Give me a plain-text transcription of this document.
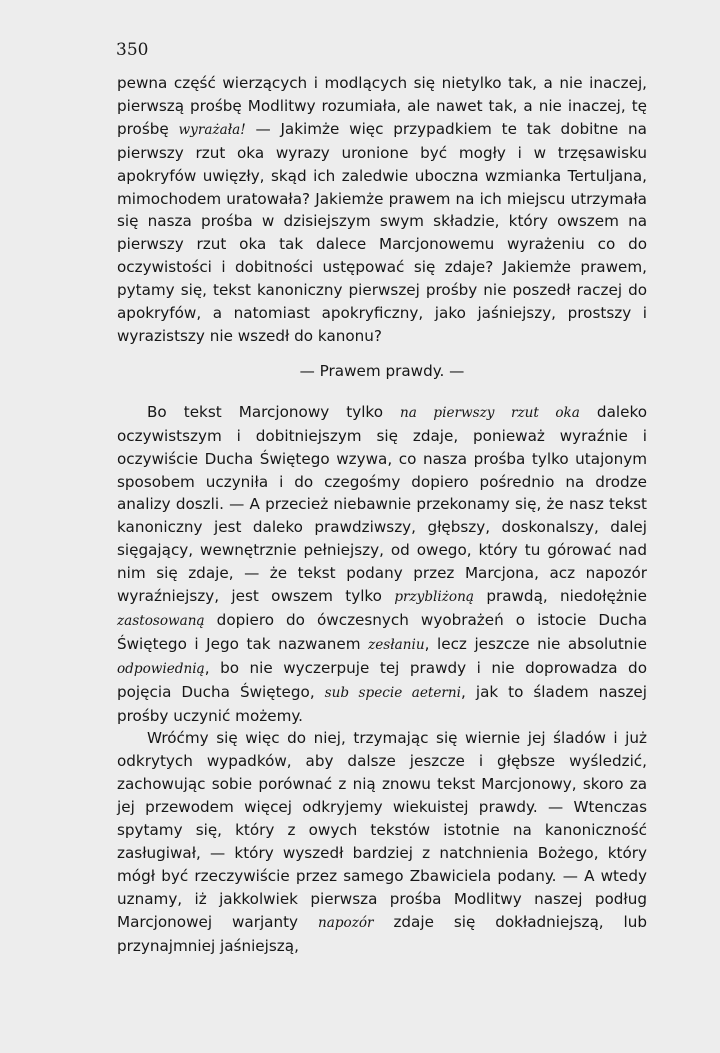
350

pewna część wierzących i modlących się nietylko tak, a nie inaczej, pierwszą prośbę Modlitwy rozumiała, ale nawet tak, a nie inaczej, tę prośbę wyrażała! — Jakimże więc przypadkiem te tak dobitne na pierwszy rzut oka wyrazy uronione być mogły i w trzęsawisku apokryfów uwięzły, skąd ich zaledwie uboczna wzmianka Tertuljana, mimochodem uratowała? Jakiemże prawem na ich miejscu utrzymała się nasza prośba w dzisiejszym swym składzie, który owszem na pierwszy rzut oka tak dalece Marcjonowemu wyrażeniu co do oczywistości i dobitności ustępować się zdaje? Jakiemże prawem, pytamy się, tekst kanoniczny pierwszej prośby nie poszedł raczej do apokryfów, a natomiast apokryficzny, jako jaśniejszy, prostszy i wyrazistszy nie wszedł do kanonu?

— Prawem prawdy. —

Bo tekst Marcjonowy tylko na pierwszy rzut oka daleko oczywistszym i dobitniejszym się zdaje, ponieważ wyraźnie i oczywiście Ducha Świętego wzywa, co nasza prośba tylko utajonym sposobem uczyniła i do czegośmy dopiero pośrednio na drodze analizy doszli. — A przecież niebawnie przekonamy się, że nasz tekst kanoniczny jest daleko prawdziwszy, głębszy, doskonalszy, dalej sięgający, wewnętrznie pełniejszy, od owego, który tu górować nad nim się zdaje, — że tekst podany przez Marcjona, acz napozór wyraźniejszy, jest owszem tylko przybliżoną prawdą, niedołężnie zastosowaną dopiero do ówczesnych wyobrażeń o istocie Ducha Świętego i Jego tak nazwanem zesłaniu, lecz jeszcze nie absolutnie odpowiednią, bo nie wyczerpuje tej prawdy i nie doprowadza do pojęcia Ducha Świętego, sub specie aeterni, jak to śladem naszej prośby uczynić możemy.

Wróćmy się więc do niej, trzymając się wiernie jej śladów i już odkrytych wypadków, aby dalsze jeszcze i głębsze wyśledzić, zachowując sobie porównać z nią znowu tekst Marcjonowy, skoro za jej przewodem więcej odkryjemy wiekuistej prawdy. — Wtenczas spytamy się, który z owych tekstów istotnie na kanoniczność zasługiwał, — który wyszedł bardziej z natchnienia Bożego, który mógł być rzeczywiście przez samego Zbawiciela podany. — A wtedy uznamy, iż jakkolwiek pierwsza prośba Modlitwy naszej podług Marcjonowej warjanty napozór zdaje się dokładniejszą, lub przynajmniej jaśniejszą,
